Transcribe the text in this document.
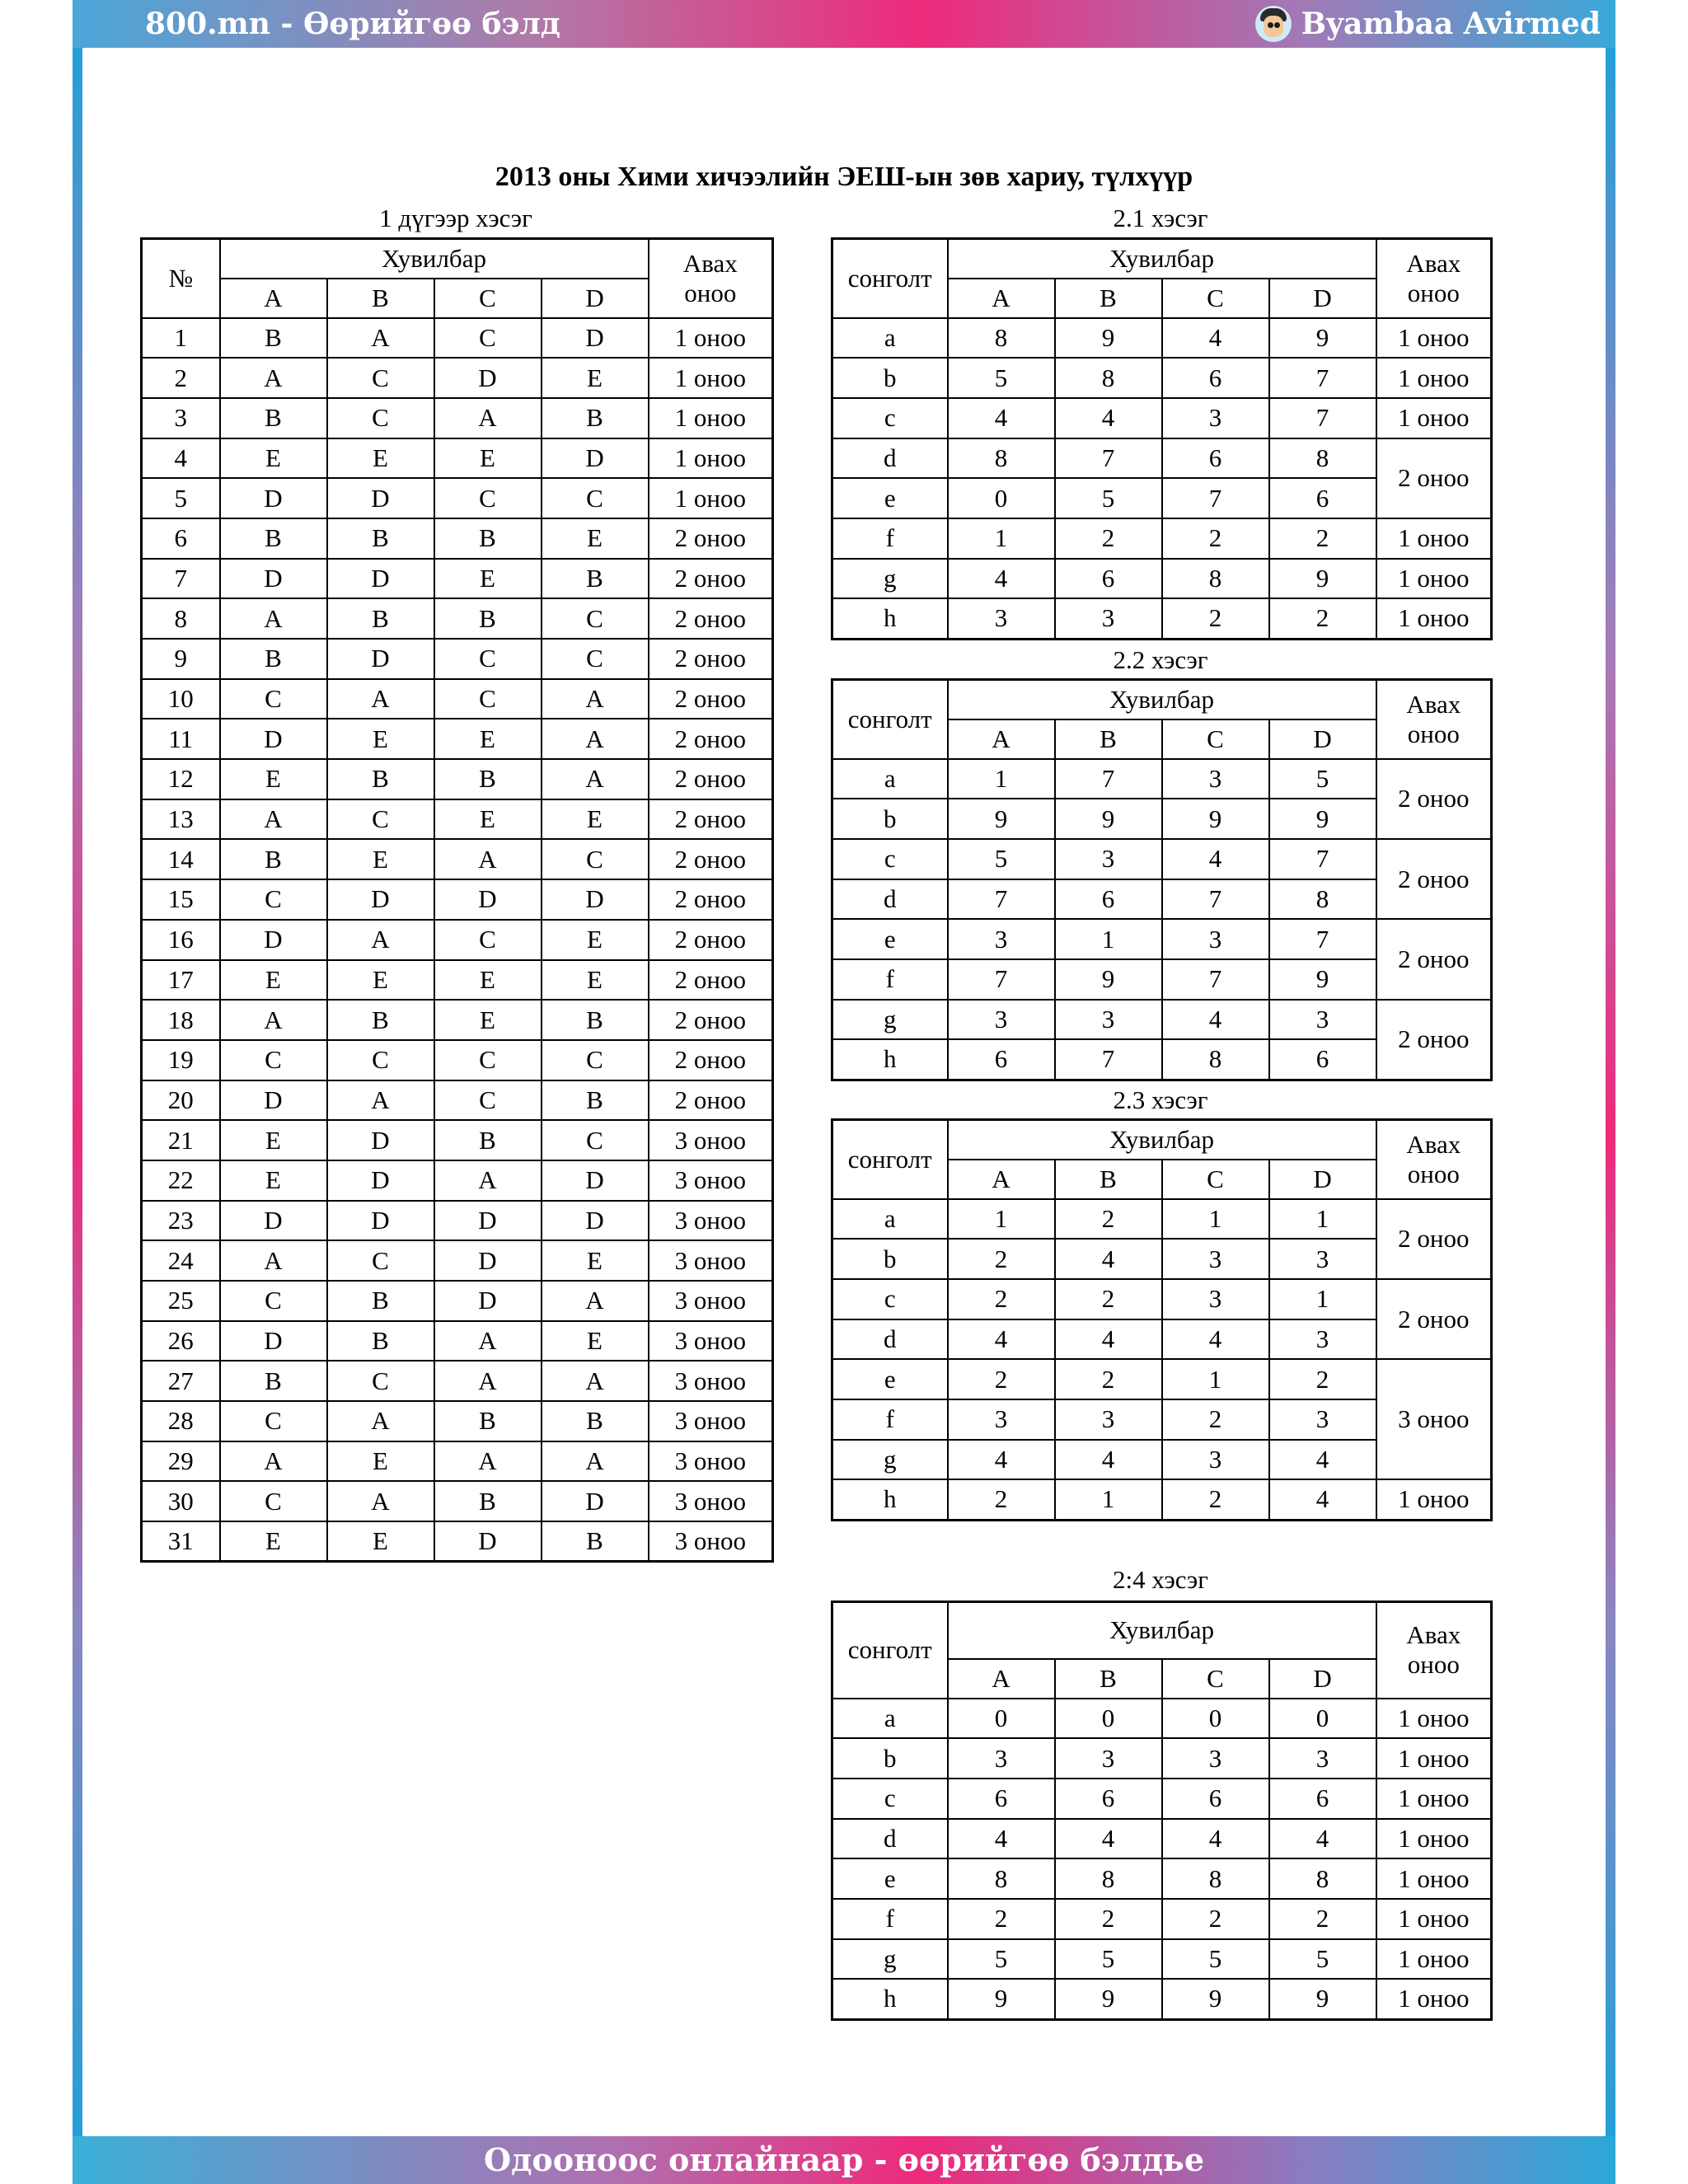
800.mn - Өөрийгөө бэлд	Byambaa Avirmed
Одооноос онлайнаар - өөрийгөө бэлдье
2013 оны Хими хичээлийн ЭЕШ-ын зөв хариу, түлхүүр
1 дүгээр хэсэг
№	Хувилбар				Авах
оноо

	A	B	C	D	
1	B	A	C	D	1 оноо
2	A	C	D	E	1 оноо
3	B	C	A	B	1 оноо
4	E	E	E	D	1 оноо
5	D	D	C	C	1 оноо
6	B	B	B	E	2 оноо
7	D	D	E	B	2 оноо
8	A	B	B	C	2 оноо
9	B	D	C	C	2 оноо
10	C	A	C	A	2 оноо
11	D	E	E	A	2 оноо
12	E	B	B	A	2 оноо
13	A	C	E	E	2 оноо
14	B	E	A	C	2 оноо
15	C	D	D	D	2 оноо
16	D	A	C	E	2 оноо
17	E	E	E	E	2 оноо
18	A	B	E	B	2 оноо
19	C	C	C	C	2 оноо
20	D	A	C	B	2 оноо
21	E	D	B	C	3 оноо
22	E	D	A	D	3 оноо
23	D	D	D	D	3 оноо
24	A	C	D	E	3 оноо
25	C	B	D	A	3 оноо
26	D	B	A	E	3 оноо
27	B	C	A	A	3 оноо
28	C	A	B	B	3 оноо
29	A	E	A	A	3 оноо
30	C	A	B	D	3 оноо
31	E	E	D	B	3 оноо
2.1 хэсэг
сонголт	Хувилбар				Авах
оноо

	A	B	C	D	
a	8	9	4	9	1 оноо
b	5	8	6	7	1 оноо
c	4	4	3	7	1 оноо
d	8	7	6	8	2 оноо
e	0	5	7	6	
f	1	2	2	2	1 оноо
g	4	6	8	9	1 оноо
h	3	3	2	2	1 оноо
2.2 хэсэг
сонголт	Хувилбар				Авах
оноо

	A	B	C	D	
a	1	7	3	5	2 оноо
b	9	9	9	9	
c	5	3	4	7	2 оноо
d	7	6	7	8	
e	3	1	3	7	2 оноо
f	7	9	7	9	
g	3	3	4	3	2 оноо
h	6	7	8	6	
2.3 хэсэг
сонголт	Хувилбар				Авах
оноо

	A	B	C	D	
a	1	2	1	1	2 оноо
b	2	4	3	3	
c	2	2	3	1	2 оноо
d	4	4	4	3	
e	2	2	1	2	3 оноо
f	3	3	2	3	
g	4	4	3	4	
h	2	1	2	4	1 оноо
2:4 хэсэг
сонголт	Хувилбар				Авах
оноо

	A	B	C	D	
a	0	0	0	0	1 оноо
b	3	3	3	3	1 оноо
c	6	6	6	6	1 оноо
d	4	4	4	4	1 оноо
e	8	8	8	8	1 оноо
f	2	2	2	2	1 оноо
g	5	5	5	5	1 оноо
h	9	9	9	9	1 оноо
